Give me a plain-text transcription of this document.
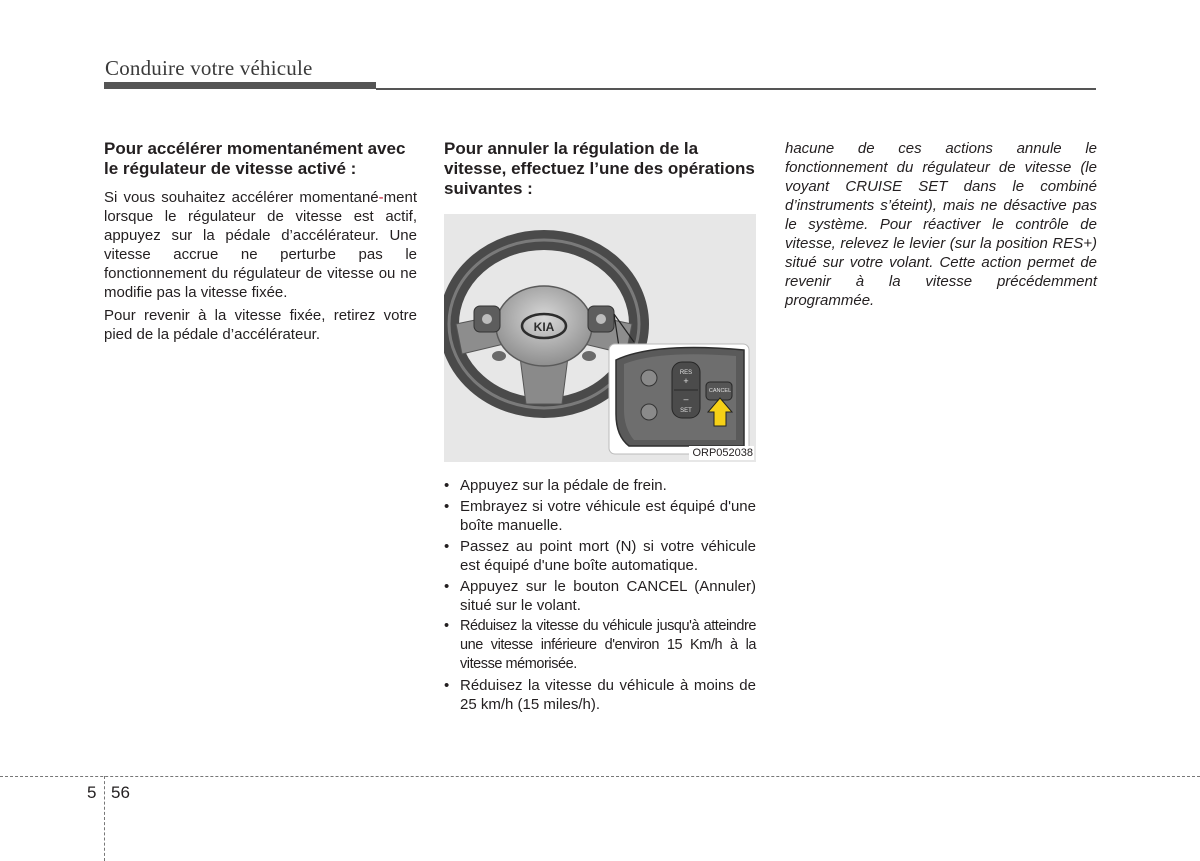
Conduire votre véhicule
Pour accélérer momentanément avec le régulateur de vitesse activé :

Si vous souhaitez accélérer momentané-ment lorsque le régulateur de vitesse est actif, appuyez sur la pédale d’accélérateur. Une vitesse accrue ne perturbe pas le fonctionnement du régulateur de vitesse ou ne modifie pas la vitesse fixée.

Pour revenir à la vitesse fixée, retirez votre pied de la pédale d’accélérateur.

Pour annuler la régulation de la vitesse, effectuez l’une des opérations suivantes :
KIA
RES
+
–
SET
CANCEL
ORP052038
• Appuyez sur la pédale de frein.
• Embrayez si votre véhicule est équipé d'une boîte manuelle.
• Passez au point mort (N) si votre véhicule est équipé d'une boîte automatique.
• Appuyez sur le bouton CANCEL (Annuler) situé sur le volant.
• Réduisez la vitesse du véhicule jusqu'à atteindre une vitesse inférieure d'environ 15 Km/h à la vitesse mémorisée.
• Réduisez la vitesse du véhicule à moins de 25 km/h (15 miles/h).

hacune de ces actions annule le fonctionnement du régulateur de vitesse (le voyant CRUISE SET dans le combiné d’instruments s’éteint), mais ne désactive pas le système. Pour réactiver le contrôle de vitesse, relevez le levier (sur la position RES+) situé sur votre volant. Cette action permet de revenir à la vitesse précédemment programmée.

5 56
